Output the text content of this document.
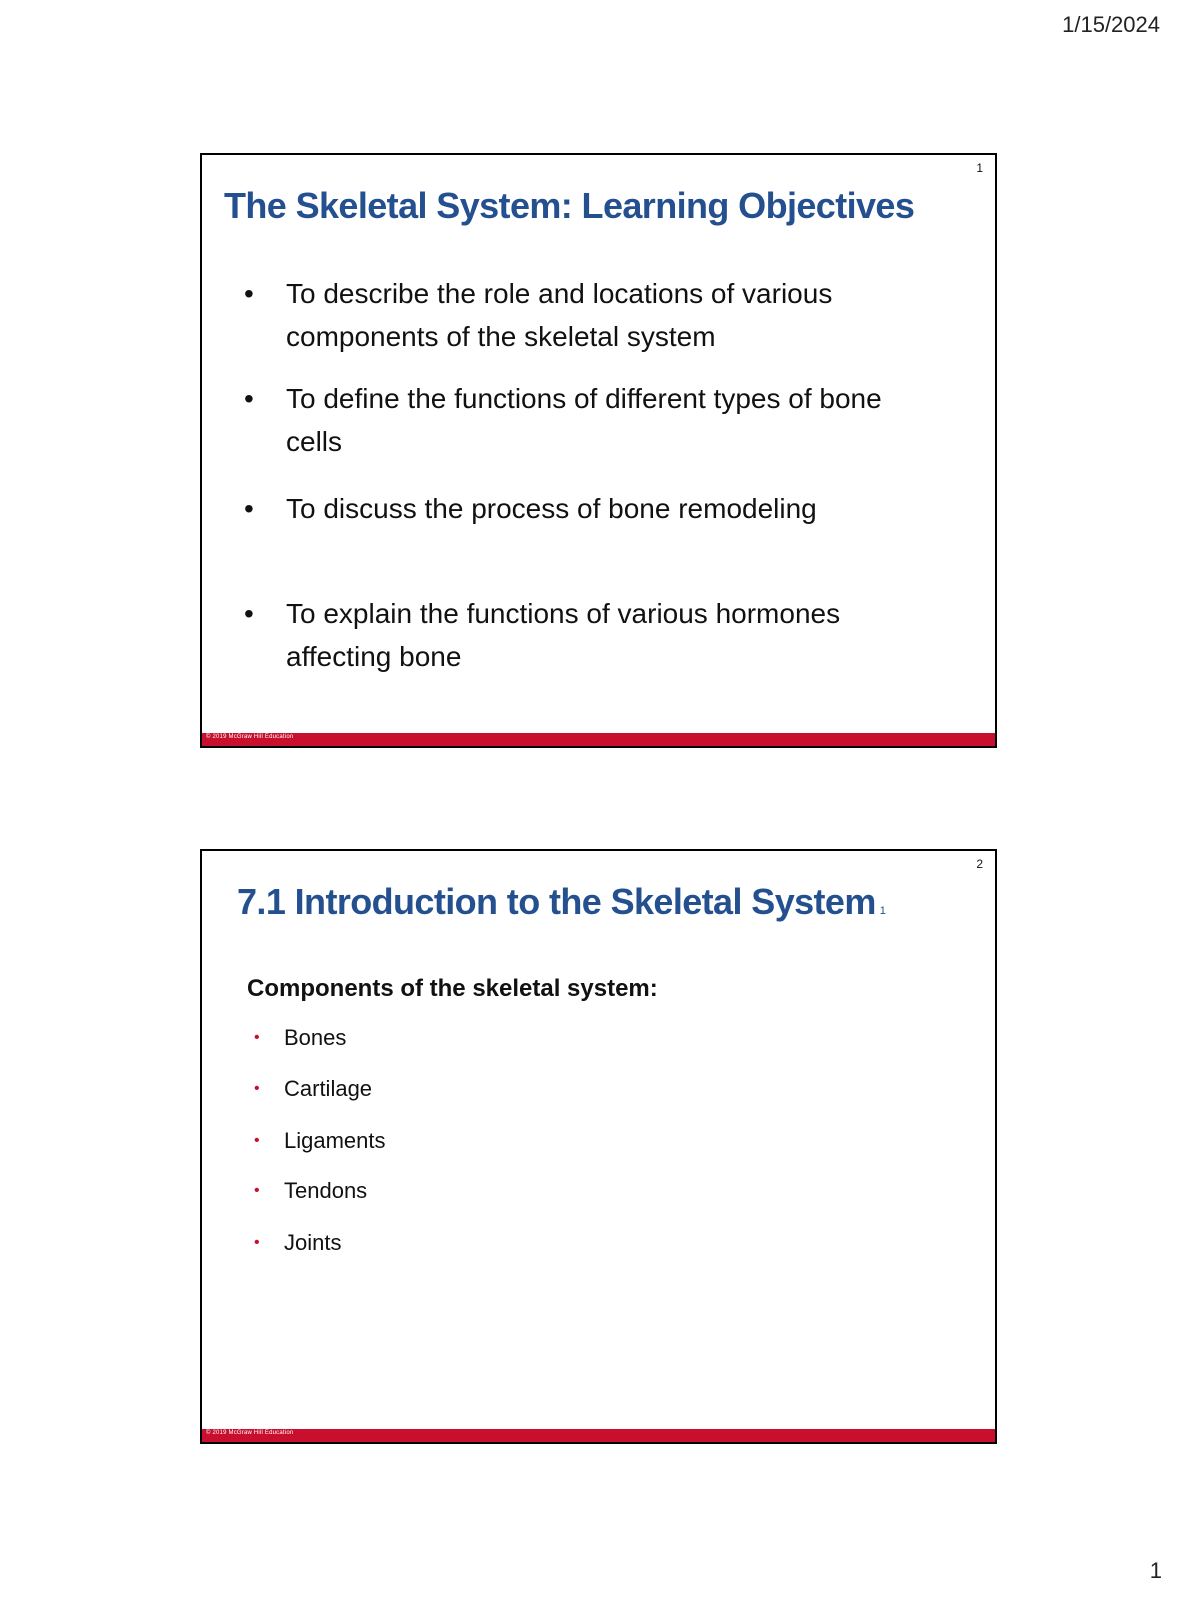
1/15/2024
1
The Skeletal System: Learning Objectives
•	To describe the role and locations of various components of the skeletal system
•	To define the functions of different types of bone cells
•	To discuss the process of bone remodeling
•	To explain the functions of various hormones affecting bone
© 2019 McGraw Hill Education
2
7.1 Introduction to the Skeletal System 1
Components of the skeletal system:
• Bones
• Cartilage
• Ligaments
• Tendons
• Joints
© 2019 McGraw Hill Education
1
